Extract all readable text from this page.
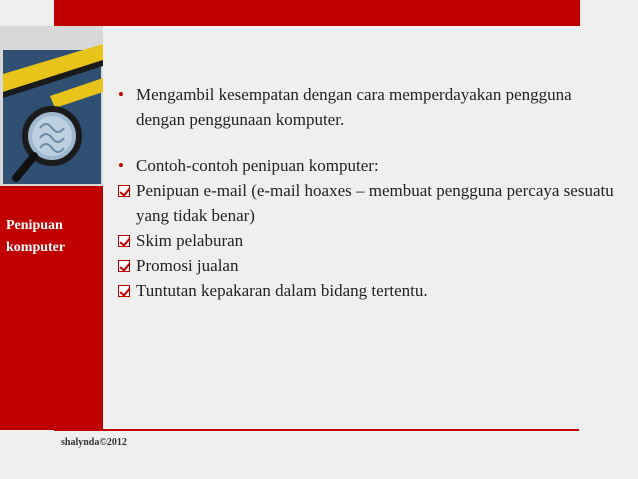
Penipuan komputer

• Mengambil kesempatan dengan cara memperdayakan pengguna dengan penggunaan komputer.

• Contoh-contoh penipuan komputer:

Penipuan e-mail (e-mail hoaxes – membuat pengguna percaya sesuatu yang tidak benar)

Skim pelaburan

Promosi jualan

Tuntutan kepakaran dalam bidang tertentu.

shalynda©2012
